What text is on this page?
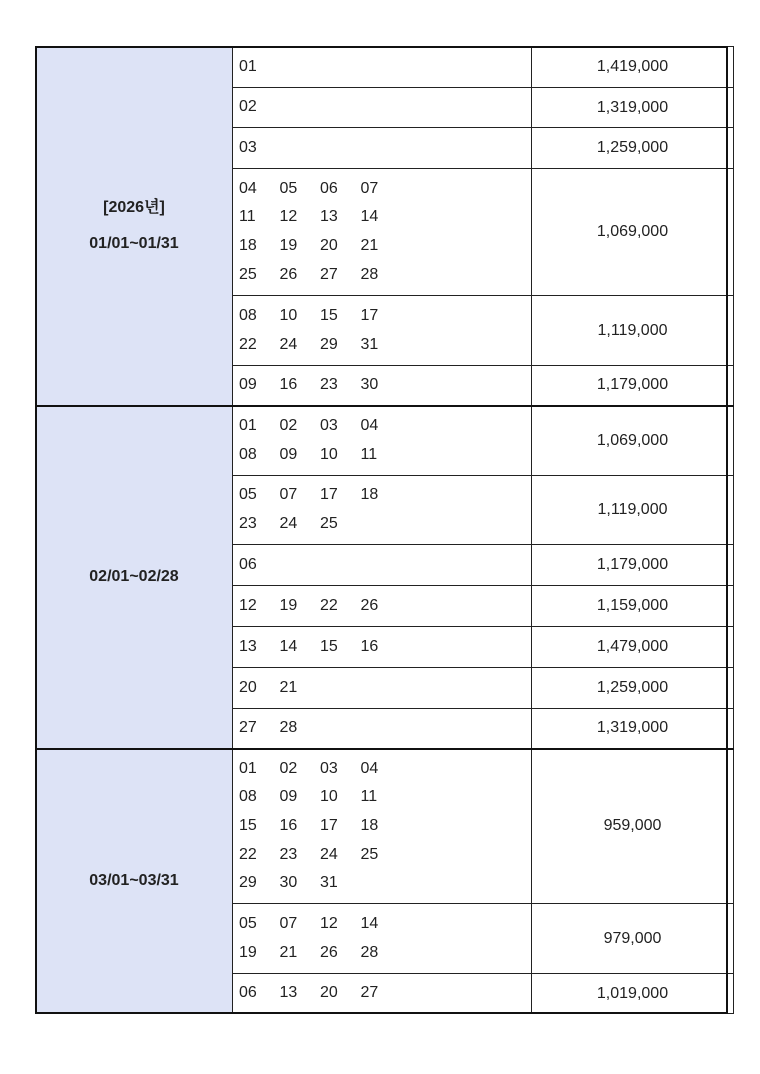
[2026년]
01/01~01/31	01	1,419,000

	02	1,319,000

	03	1,259,000

	04 05 06 07
11 12 13 14
18 19 20 21
25 26 27 28	1,069,000

	08 10 15 17
22 24 29 31	1,119,000

	09 16 23 30	1,179,000

02/01~02/28	01 02 03 04
08 09 10 11	1,069,000

	05 07 17 18
23 24 25	1,119,000

	06	1,179,000

	12 19 22 26	1,159,000

	13 14 15 16	1,479,000

	20 21	1,259,000

	27 28	1,319,000

03/01~03/31	01 02 03 04
08 09 10 11
15 16 17 18
22 23 24 25
29 30 31	959,000

	05 07 12 14
19 21 26 28	979,000

	06 13 20 27	1,019,000
